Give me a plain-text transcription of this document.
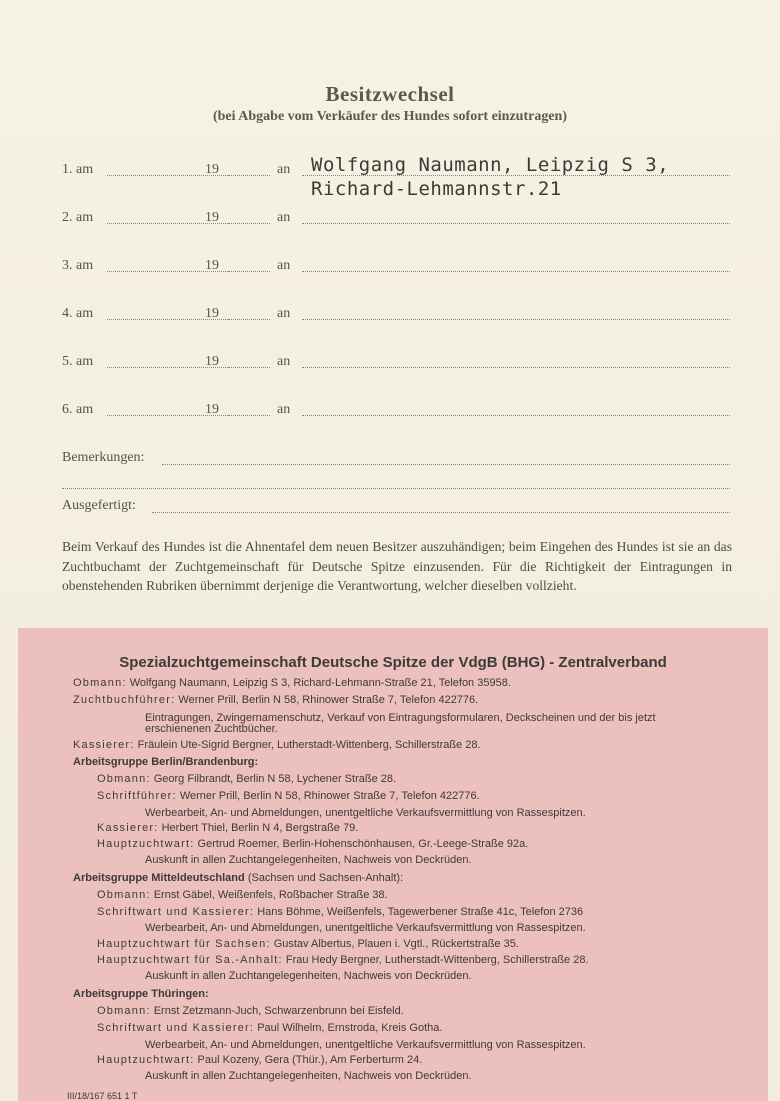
Besitzwechsel
(bei Abgabe vom Verkäufer des Hundes sofort einzutragen)
1. am	19	an Wolfgang Naumann, Leipzig S 3,
Richard-Lehmannstr.21
2. am	19	an
3. am	19	an
4. am	19	an
5. am	19	an
6. am	19	an
Bemerkungen:
Ausgefertigt:
Beim Verkauf des Hundes ist die Ahnentafel dem neuen Besitzer auszuhändigen; beim Eingehen des Hundes ist sie an das Zuchtbuchamt der Zuchtgemeinschaft für Deutsche Spitze einzusenden. Für die Richtigkeit der Eintragungen in obenstehenden Rubriken übernimmt derjenige die Verantwortung, welcher dieselben vollzieht.
Spezialzuchtgemeinschaft Deutsche Spitze der VdgB (BHG) - Zentralverband
Obmann: Wolfgang Naumann, Leipzig S 3, Richard-Lehmann-Straße 21, Telefon 35958.
Zuchtbuchführer: Werner Prill, Berlin N 58, Rhinower Straße 7, Telefon 422776.
Eintragungen, Zwingernamenschutz, Verkauf von Eintragungsformularen, Deckscheinen und der bis jetzt
erschienenen Zuchtbücher.
Kassierer: Fräulein Ute-Sigrid Bergner, Lutherstadt-Wittenberg, Schillerstraße 28.
Arbeitsgruppe Berlin/Brandenburg:
Obmann: Georg Filbrandt, Berlin N 58, Lychener Straße 28.
Schriftführer: Werner Prill, Berlin N 58, Rhinower Straße 7, Telefon 422776.
Werbearbeit, An- und Abmeldungen, unentgeltliche Verkaufsvermittlung von Rassespitzen.
Kassierer: Herbert Thiel, Berlin N 4, Bergstraße 79.
Hauptzuchtwart: Gertrud Roemer, Berlin-Hohenschönhausen, Gr.-Leege-Straße 92a.
Auskunft in allen Zuchtangelegenheiten, Nachweis von Deckrüden.
Arbeitsgruppe Mitteldeutschland (Sachsen und Sachsen-Anhalt):
Obmann: Ernst Gäbel, Weißenfels, Roßbacher Straße 38.
Schriftwart und Kassierer: Hans Böhme, Weißenfels, Tagewerbener Straße 41c, Telefon 2736
Werbearbeit, An- und Abmeldungen, unentgeltliche Verkaufsvermittlung von Rassespitzen.
Hauptzuchtwart für Sachsen: Gustav Albertus, Plauen i. Vgtl., Rückertstraße 35.
Hauptzuchtwart für Sa.-Anhalt: Frau Hedy Bergner, Lutherstadt-Wittenberg, Schillerstraße 28.
Auskunft in allen Zuchtangelegenheiten, Nachweis von Deckrüden.
Arbeitsgruppe Thüringen:
Obmann: Ernst Zetzmann-Juch, Schwarzenbrunn bei Eisfeld.
Schriftwart und Kassierer: Paul Wilhelm, Ernstroda, Kreis Gotha.
Werbearbeit, An- und Abmeldungen, unentgeltliche Verkaufsvermittlung von Rassespitzen.
Hauptzuchtwart: Paul Kozeny, Gera (Thür.), Am Ferberturm 24.
Auskunft in allen Zuchtangelegenheiten, Nachweis von Deckrüden.
III/18/167 651 1 T
